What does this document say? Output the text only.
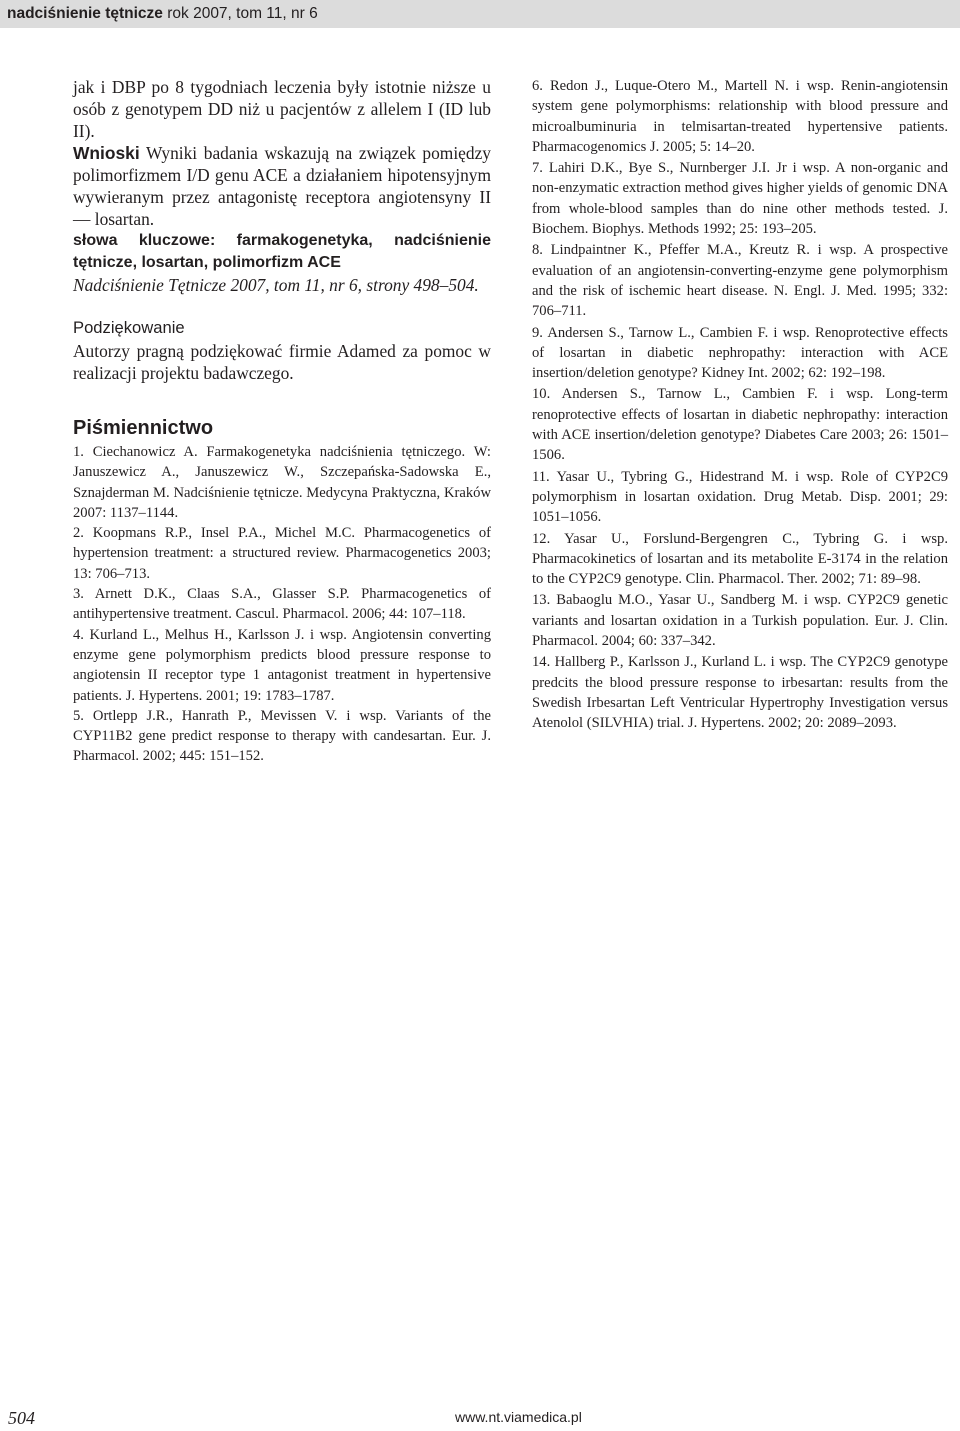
nadciśnienie tętnicze rok 2007, tom 11, nr 6

jak i DBP po 8 tygodniach leczenia były istotnie niższe u osób z genotypem DD niż u pacjentów z allelem I (ID lub II).

Wnioski Wyniki badania wskazują na związek pomiędzy polimorfizmem I/D genu ACE a działaniem hipotensyjnym wywieranym przez antagonistę receptora angiotensyny II — losartan.

słowa kluczowe: farmakogenetyka, nadciśnienie tętnicze, losartan, polimorfizm ACE

Nadciśnienie Tętnicze 2007, tom 11, nr 6, strony 498–504.

Podziękowanie

Autorzy pragną podziękować firmie Adamed za pomoc w realizacji projektu badawczego.

Piśmiennictwo
1. Ciechanowicz A. Farmakogenetyka nadciśnienia tętniczego. W: Januszewicz A., Januszewicz W., Szczepańska-Sadowska E., Sznajderman M. Nadciśnienie tętnicze. Medycyna Praktyczna, Kraków 2007: 1137–1144.
2. Koopmans R.P., Insel P.A., Michel M.C. Pharmacogenetics of hypertension treatment: a structured review. Pharmacogenetics 2003; 13: 706–713.
3. Arnett D.K., Claas S.A., Glasser S.P. Pharmacogenetics of antihypertensive treatment. Cascul. Pharmacol. 2006; 44: 107–118.
4. Kurland L., Melhus H., Karlsson J. i wsp. Angiotensin converting enzyme gene polymorphism predicts blood pressure response to angiotensin II receptor type 1 antagonist treatment in hypertensive patients. J. Hypertens. 2001; 19: 1783–1787.
5. Ortlepp J.R., Hanrath P., Mevissen V. i wsp. Variants of the CYP11B2 gene predict response to therapy with candesartan. Eur. J. Pharmacol. 2002; 445: 151–152.
6. Redon J., Luque-Otero M., Martell N. i wsp. Renin-angiotensin system gene polymorphisms: relationship with blood pressure and microalbuminuria in telmisartan-treated hypertensive patients. Pharmacogenomics J. 2005; 5: 14–20.
7. Lahiri D.K., Bye S., Nurnberger J.I. Jr i wsp. A non-organic and non-enzymatic extraction method gives higher yields of genomic DNA from whole-blood samples than do nine other methods tested. J. Biochem. Biophys. Methods 1992; 25: 193–205.
8. Lindpaintner K., Pfeffer M.A., Kreutz R. i wsp. A prospective evaluation of an angiotensin-converting-enzyme gene polymorphism and the risk of ischemic heart disease. N. Engl. J. Med. 1995; 332: 706–711.
9. Andersen S., Tarnow L., Cambien F. i wsp. Renoprotective effects of losartan in diabetic nephropathy: interaction with ACE insertion/deletion genotype? Kidney Int. 2002; 62: 192–198.
10. Andersen S., Tarnow L., Cambien F. i wsp. Long-term renoprotective effects of losartan in diabetic nephropathy: interaction with ACE insertion/deletion genotype? Diabetes Care 2003; 26: 1501–1506.
11. Yasar U., Tybring G., Hidestrand M. i wsp. Role of CYP2C9 polymorphism in losartan oxidation. Drug Metab. Disp. 2001; 29: 1051–1056.
12. Yasar U., Forslund-Bergengren C., Tybring G. i wsp. Pharmacokinetics of losartan and its metabolite E-3174 in the relation to the CYP2C9 genotype. Clin. Pharmacol. Ther. 2002; 71: 89–98.
13. Babaoglu M.O., Yasar U., Sandberg M. i wsp. CYP2C9 genetic variants and losartan oxidation in a Turkish population. Eur. J. Clin. Pharmacol. 2004; 60: 337–342.
14. Hallberg P., Karlsson J., Kurland L. i wsp. The CYP2C9 genotype predcits the blood pressure response to irbesartan: results from the Swedish Irbesartan Left Ventricular Hypertrophy Investigation versus Atenolol (SILVHIA) trial. J. Hypertens. 2002; 20: 2089–2093.
504	www.nt.viamedica.pl
